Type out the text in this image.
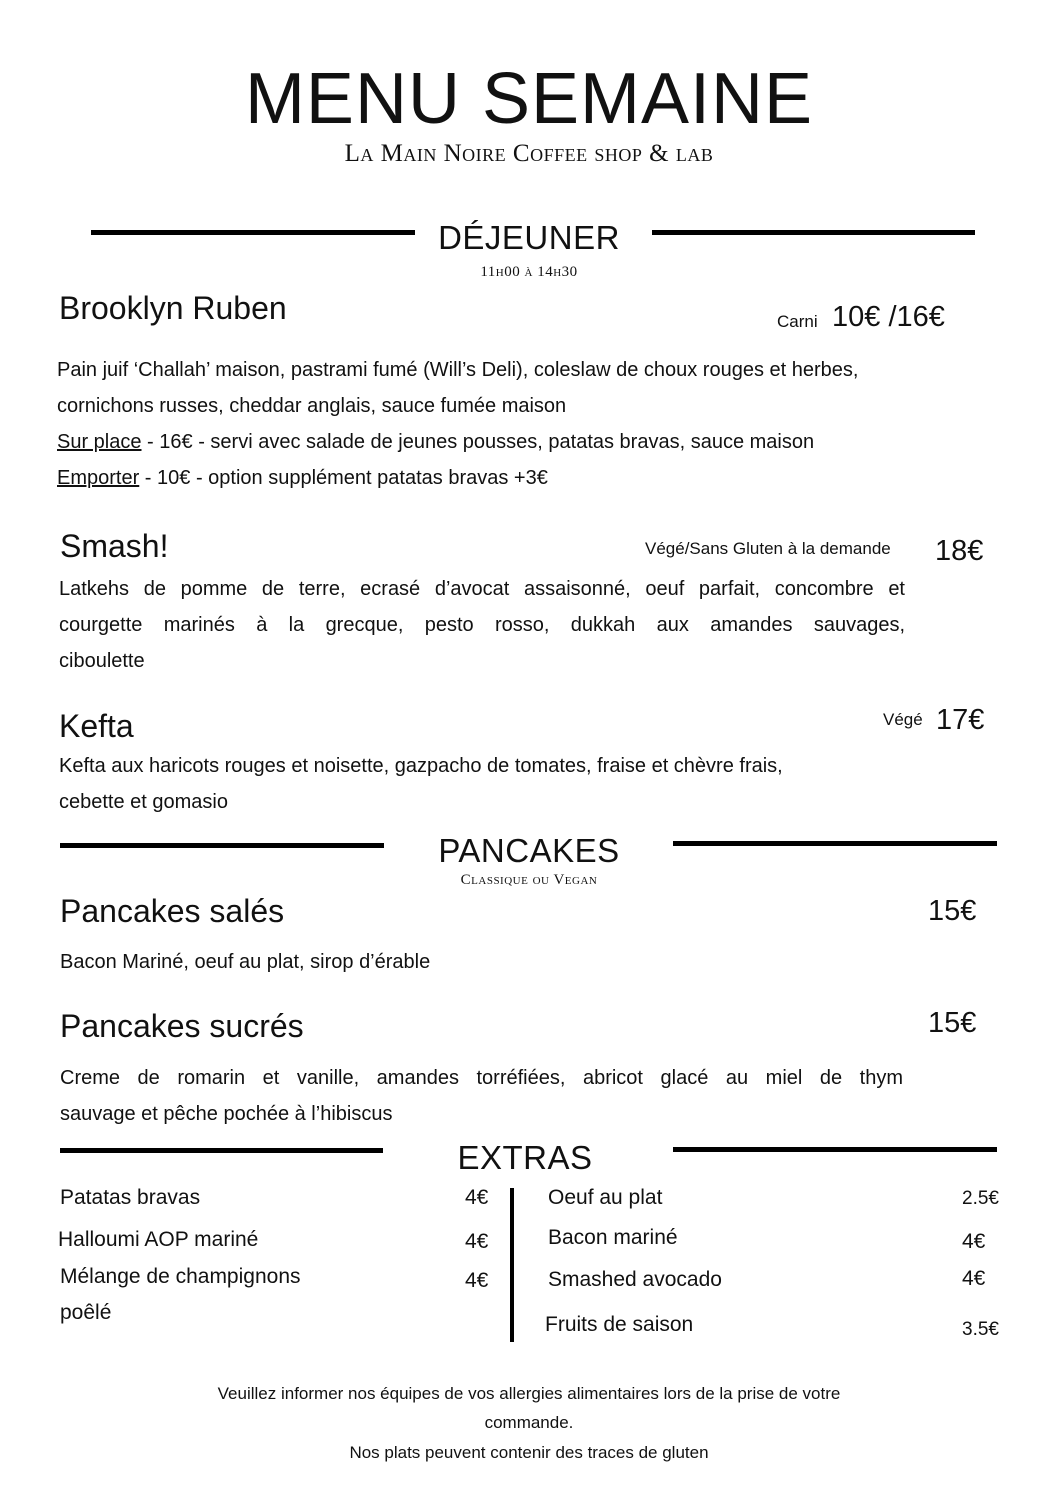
MENU SEMAINE
La Main Noire Coffee shop & lab
DÉJEUNER
11h00 à 14h30
Brooklyn Ruben	Carni 10€ /16€
Pain juif ‘Challah’ maison, pastrami fumé (Will’s Deli), coleslaw de choux rouges et herbes,
cornichons russes, cheddar anglais, sauce fumée maison
Sur place - 16€ - servi avec salade de jeunes pousses, patatas bravas, sauce maison
Emporter - 10€ - option supplément patatas bravas +3€
Smash!	Végé/Sans Gluten à la demande 18€
Latkehs de pomme de terre, ecrasé d’avocat assaisonné, oeuf parfait, concombre et
courgette marinés à la grecque, pesto rosso, dukkah aux amandes sauvages,
ciboulette
Kefta	Végé 17€
Kefta aux haricots rouges et noisette, gazpacho de tomates, fraise et chèvre frais,
cebette et gomasio
PANCAKES
Classique ou Vegan
Pancakes salés	15€
Bacon Mariné, oeuf au plat, sirop d’érable
Pancakes sucrés	15€
Creme de romarin et vanille, amandes torréfiées, abricot glacé au miel de thym
sauvage et pêche pochée à l’hibiscus
EXTRAS
Patatas bravas	4€
Halloumi AOP mariné	4€
Mélange de champignons
poêlé
4€
Oeuf au plat	2.5€
Bacon mariné	4€
Smashed avocado	4€
Fruits de saison	3.5€
Veuillez informer nos équipes de vos allergies alimentaires lors de la prise de votre
commande.
Nos plats peuvent contenir des traces de gluten
